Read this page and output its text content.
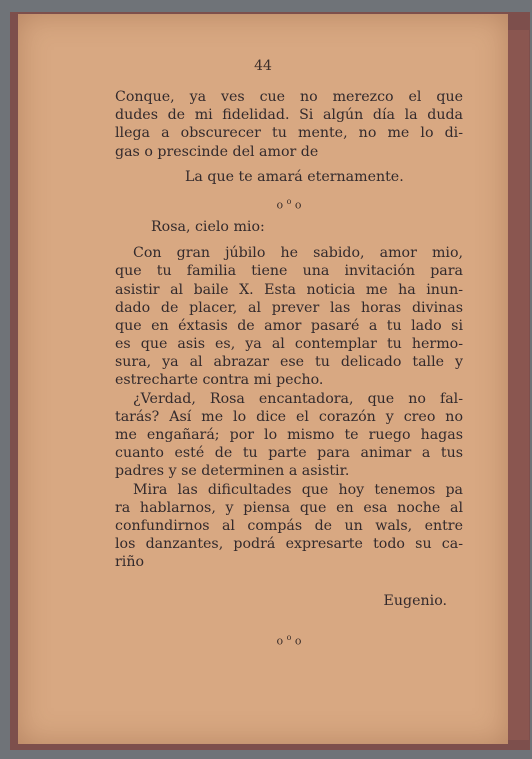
44
Conque, ya ves cue no merezco el que
dudes de mi fidelidad. Si algún día la duda
llega a obscurecer tu mente, no me lo di-
gas o prescinde del amor de
La que te amará eternamente.
o $^o$ o
Rosa, cielo mio:
Con gran júbilo he sabido, amor mio,
que tu familia tiene una invitación para
asistir al baile X. Esta noticia me ha inun-
dado de placer, al prever las horas divinas
que en éxtasis de amor pasaré a tu lado si
es que asis es, ya al contemplar tu hermo-
sura, ya al abrazar ese tu delicado talle y
estrecharte contra mi pecho.
¿Verdad, Rosa encantadora, que no fal-
tarás? Así me lo dice el corazón y creo no
me engañará; por lo mismo te ruego hagas
cuanto esté de tu parte para animar a tus
padres y se determinen a asistir.
Mira las dificultades que hoy tenemos pa
ra hablarnos, y piensa que en esa noche al
confundirnos al compás de un wals, entre
los danzantes, podrá expresarte todo su ca-
riño
Eugenio.
o $^o$ o
